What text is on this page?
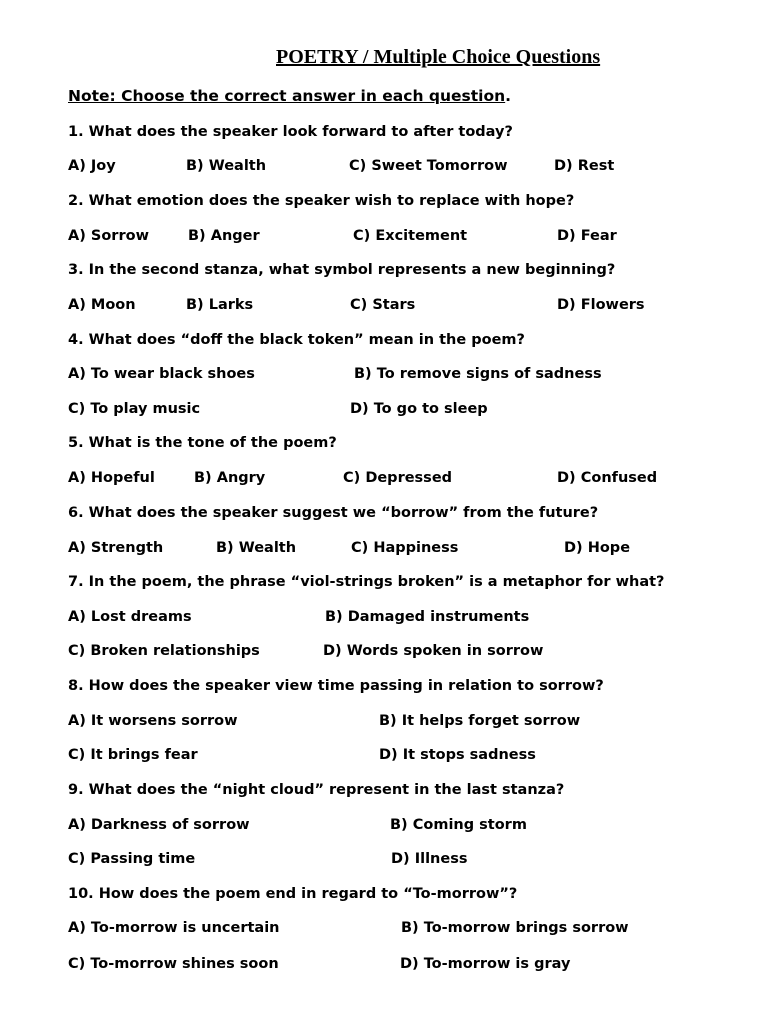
POETRY / Multiple Choice Questions
Note: Choose the correct answer in each question.
1. What does the speaker look forward to after today?
A) Joy	B) Wealth	C) Sweet Tomorrow	D) Rest
2. What emotion does the speaker wish to replace with hope?
A) Sorrow	B) Anger	C) Excitement	D) Fear
3. In the second stanza, what symbol represents a new beginning?
A) Moon	B) Larks	C) Stars	D) Flowers
4. What does “doff the black token” mean in the poem?
A) To wear black shoes	B) To remove signs of sadness
C) To play music	D) To go to sleep
5. What is the tone of the poem?
A) Hopeful	B) Angry	C) Depressed	D) Confused
6. What does the speaker suggest we “borrow” from the future?
A) Strength	B) Wealth	C) Happiness	D) Hope
7. In the poem, the phrase “viol-strings broken” is a metaphor for what?
A) Lost dreams	B) Damaged instruments
C) Broken relationships	D) Words spoken in sorrow
8. How does the speaker view time passing in relation to sorrow?
A) It worsens sorrow	B) It helps forget sorrow
C) It brings fear	D) It stops sadness
9. What does the “night cloud” represent in the last stanza?
A) Darkness of sorrow	B) Coming storm
C) Passing time	D) Illness
10. How does the poem end in regard to “To-morrow”?
A) To-morrow is uncertain	B) To-morrow brings sorrow
C) To-morrow shines soon	D) To-morrow is gray
